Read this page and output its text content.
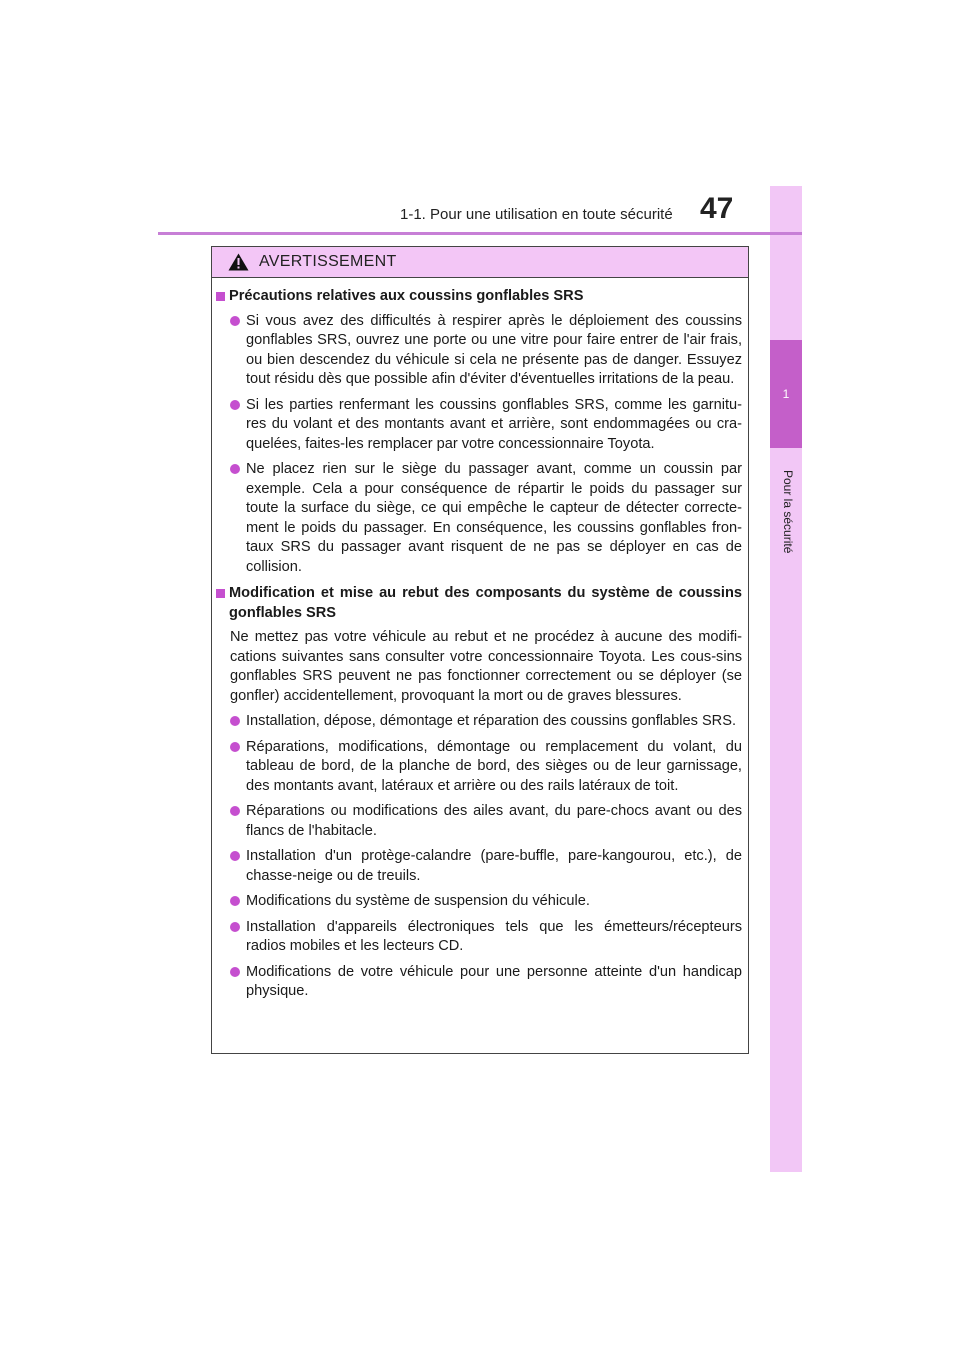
1-1. Pour une utilisation en toute sécurité 47
1
Pour la sécurité
AVERTISSEMENT
Précautions relatives aux coussins gonflables SRS
Si vous avez des difficultés à respirer après le déploiement des coussins gonflables SRS, ouvrez une porte ou une vitre pour faire entrer de l'air frais, ou bien descendez du véhicule si cela ne présente pas de danger. Essuyez tout résidu dès que possible afin d'éviter d'éventuelles irritations de la peau.
Si les parties renfermant les coussins gonflables SRS, comme les garnitu-res du volant et des montants avant et arrière, sont endommagées ou cra-quelées, faites-les remplacer par votre concessionnaire Toyota.
Ne placez rien sur le siège du passager avant, comme un coussin par exemple. Cela a pour conséquence de répartir le poids du passager sur toute la surface du siège, ce qui empêche le capteur de détecter correcte-ment le poids du passager. En conséquence, les coussins gonflables fron-taux SRS du passager avant risquent de ne pas se déployer en cas de collision.
Modification et mise au rebut des composants du système de coussins gonflables SRS
Ne mettez pas votre véhicule au rebut et ne procédez à aucune des modifi-cations suivantes sans consulter votre concessionnaire Toyota. Les cous-sins gonflables SRS peuvent ne pas fonctionner correctement ou se déployer (se gonfler) accidentellement, provoquant la mort ou de graves blessures.
Installation, dépose, démontage et réparation des coussins gonflables SRS.
Réparations, modifications, démontage ou remplacement du volant, du tableau de bord, de la planche de bord, des sièges ou de leur garnissage, des montants avant, latéraux et arrière ou des rails latéraux de toit.
Réparations ou modifications des ailes avant, du pare-chocs avant ou des flancs de l'habitacle.
Installation d'un protège-calandre (pare-buffle, pare-kangourou, etc.), de chasse-neige ou de treuils.
Modifications du système de suspension du véhicule.
Installation d'appareils électroniques tels que les émetteurs/récepteurs radios mobiles et les lecteurs CD.
Modifications de votre véhicule pour une personne atteinte d'un handicap physique.
